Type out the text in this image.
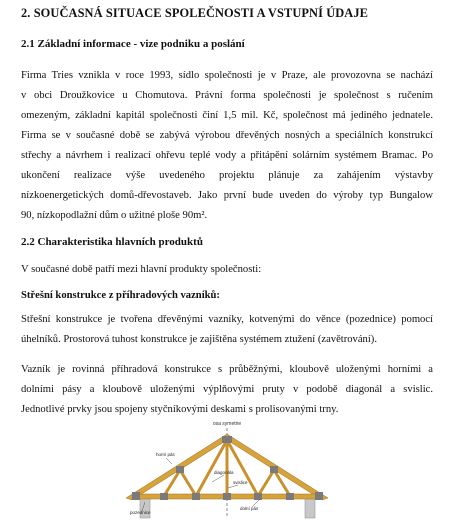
2. SOUČASNÁ SITUACE SPOLEČNOSTI A VSTUPNÍ ÚDAJE
2.1 Základní informace - vize podniku a poslání
Firma Tries vznikla v roce 1993, sídlo společnosti je v Praze, ale provozovna se nachází
v obci Droužkovice u Chomutova. Právní forma společnosti je společnost s ručením
omezeným, základní kapitál společnosti činí 1,5 mil. Kč, společnost má jediného jednatele.
Firma se v současné době se zabývá výrobou dřevěných nosných a speciálních konstrukcí
střechy a návrhem i realizací ohřevu teplé vody a přitápění solárním systémem Bramac. Po
ukončení realizace výše uvedeného projektu plánuje za zahájením výstavby
nízkoenergetických domů-dřevostaveb. Jako první bude uveden do výroby typ Bungalow
90, nízkopodlažní dům o užitné ploše 90m².
2.2 Charakteristika hlavních produktů
V současné době patří mezi hlavní produkty společnosti:
Střešní konstrukce z příhradových vazníků:
Střešní konstrukce je tvořena dřevěnými vazníky, kotvenými do věnce (pozednice) pomocí
úhelníků. Prostorová tuhost konstrukce je zajištěna systémem ztužení (zavětrování).
Vazník je rovinná příhradová konstrukce s průběžnými, kloubově uloženými horními a
dolními pásy a kloubově uloženými výplňovými pruty v podobě diagonál a svislic.
Jednotlivé prvky jsou spojeny styčníkovými deskami s prolisovanými trny.
osa symetrie
horní pás
diagonála
svislice
dolní pás
pozednice
